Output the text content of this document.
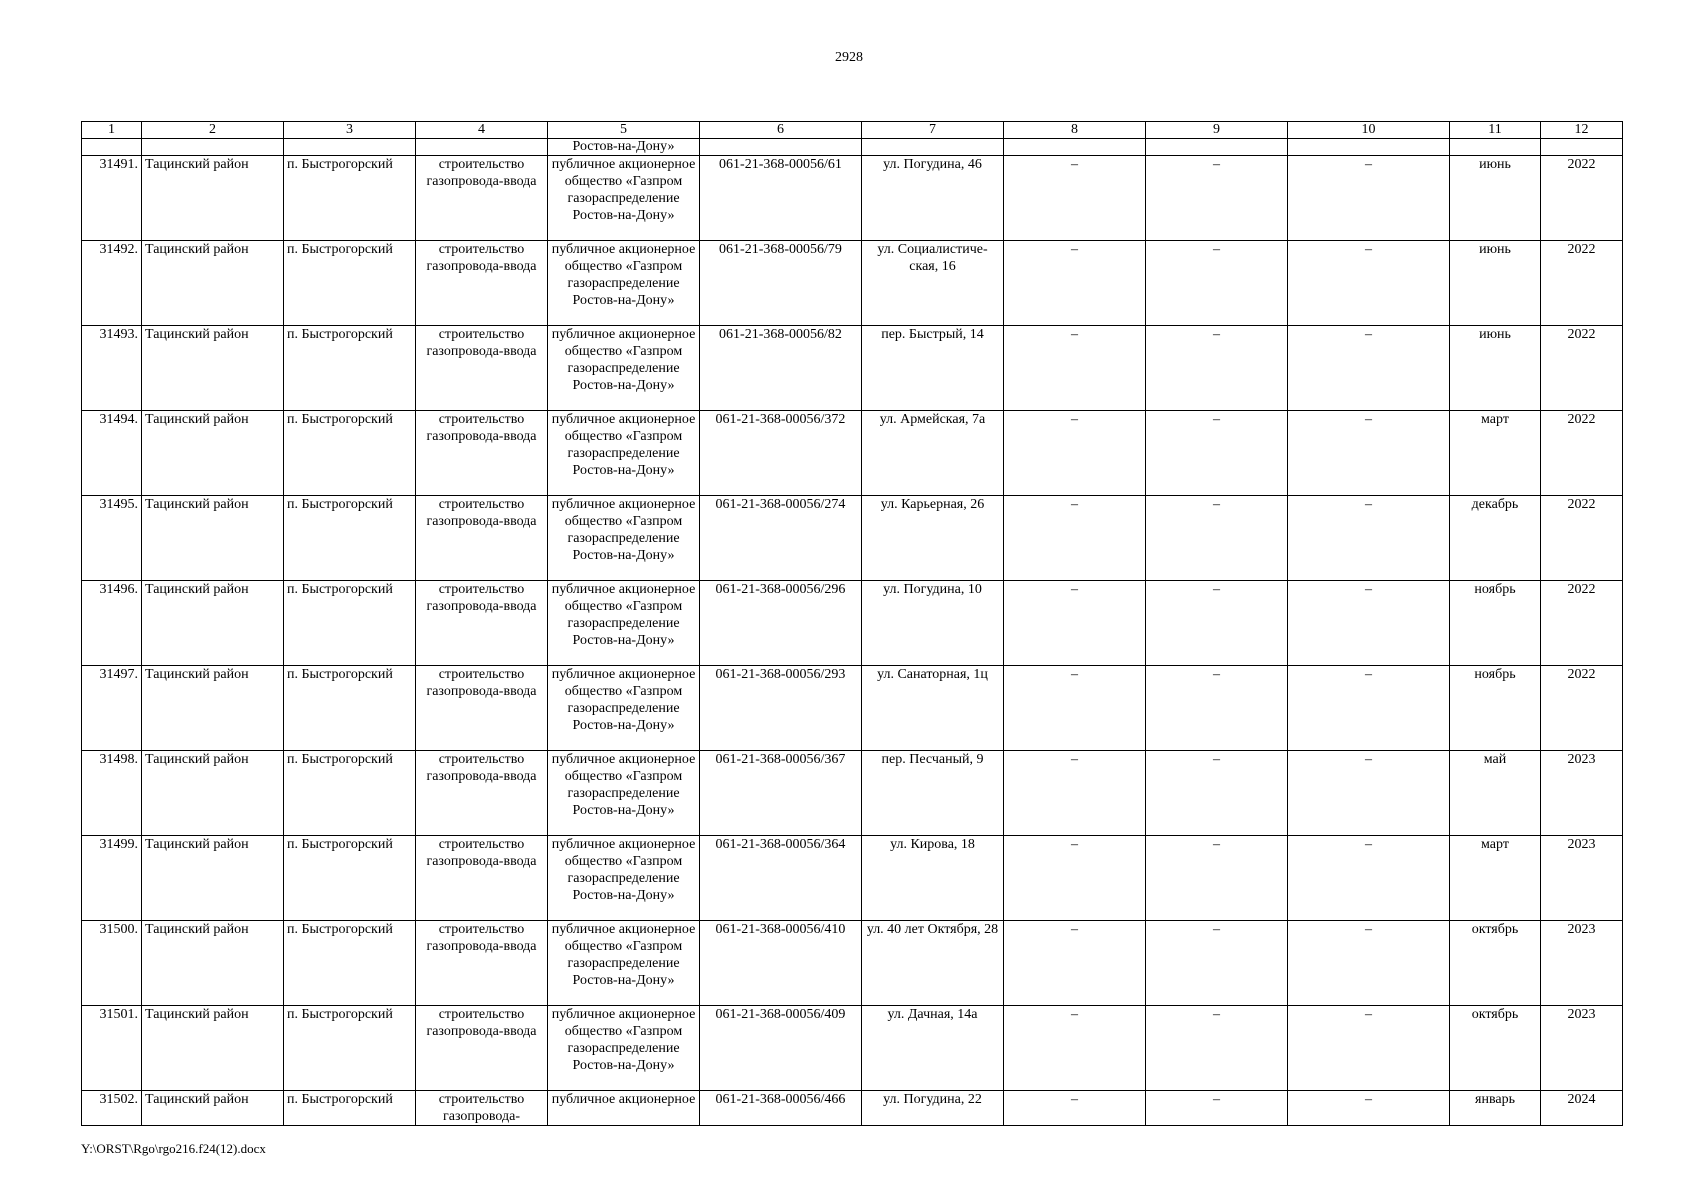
2928
1	2	3	4	5	6	7	8	9	10	11	12
				Ростов-на-Дону»							
31491.	Тацинский район	п. Быстрогорский	строительство газопровода-ввода	публичное акционерное общество «Газпром газораспределение Ростов-на-Дону»	061-21-368-00056/61	ул. Погудина, 46	–	–	–	июнь	2022
31492.	Тацинский район	п. Быстрогорский	строительство газопровода-ввода	публичное акционерное общество «Газпром газораспределение Ростов-на-Дону»	061-21-368-00056/79	ул. Социалистиче-ская, 16	–	–	–	июнь	2022
31493.	Тацинский район	п. Быстрогорский	строительство газопровода-ввода	публичное акционерное общество «Газпром газораспределение Ростов-на-Дону»	061-21-368-00056/82	пер. Быстрый, 14	–	–	–	июнь	2022
31494.	Тацинский район	п. Быстрогорский	строительство газопровода-ввода	публичное акционерное общество «Газпром газораспределение Ростов-на-Дону»	061-21-368-00056/372	ул. Армейская, 7а	–	–	–	март	2022
31495.	Тацинский район	п. Быстрогорский	строительство газопровода-ввода	публичное акционерное общество «Газпром газораспределение Ростов-на-Дону»	061-21-368-00056/274	ул. Карьерная, 26	–	–	–	декабрь	2022
31496.	Тацинский район	п. Быстрогорский	строительство газопровода-ввода	публичное акционерное общество «Газпром газораспределение Ростов-на-Дону»	061-21-368-00056/296	ул. Погудина, 10	–	–	–	ноябрь	2022
31497.	Тацинский район	п. Быстрогорский	строительство газопровода-ввода	публичное акционерное общество «Газпром газораспределение Ростов-на-Дону»	061-21-368-00056/293	ул. Санаторная, 1ц	–	–	–	ноябрь	2022
31498.	Тацинский район	п. Быстрогорский	строительство газопровода-ввода	публичное акционерное общество «Газпром газораспределение Ростов-на-Дону»	061-21-368-00056/367	пер. Песчаный, 9	–	–	–	май	2023
31499.	Тацинский район	п. Быстрогорский	строительство газопровода-ввода	публичное акционерное общество «Газпром газораспределение Ростов-на-Дону»	061-21-368-00056/364	ул. Кирова, 18	–	–	–	март	2023
31500.	Тацинский район	п. Быстрогорский	строительство газопровода-ввода	публичное акционерное общество «Газпром газораспределение Ростов-на-Дону»	061-21-368-00056/410	ул. 40 лет Октября, 28	–	–	–	октябрь	2023
31501.	Тацинский район	п. Быстрогорский	строительство газопровода-ввода	публичное акционерное общество «Газпром газораспределение Ростов-на-Дону»	061-21-368-00056/409	ул. Дачная, 14а	–	–	–	октябрь	2023
31502.	Тацинский район	п. Быстрогорский	строительство газопровода-	публичное акционерное	061-21-368-00056/466	ул. Погудина, 22	–	–	–	январь	2024
Y:\ORST\Rgo\rgo216.f24(12).docx
